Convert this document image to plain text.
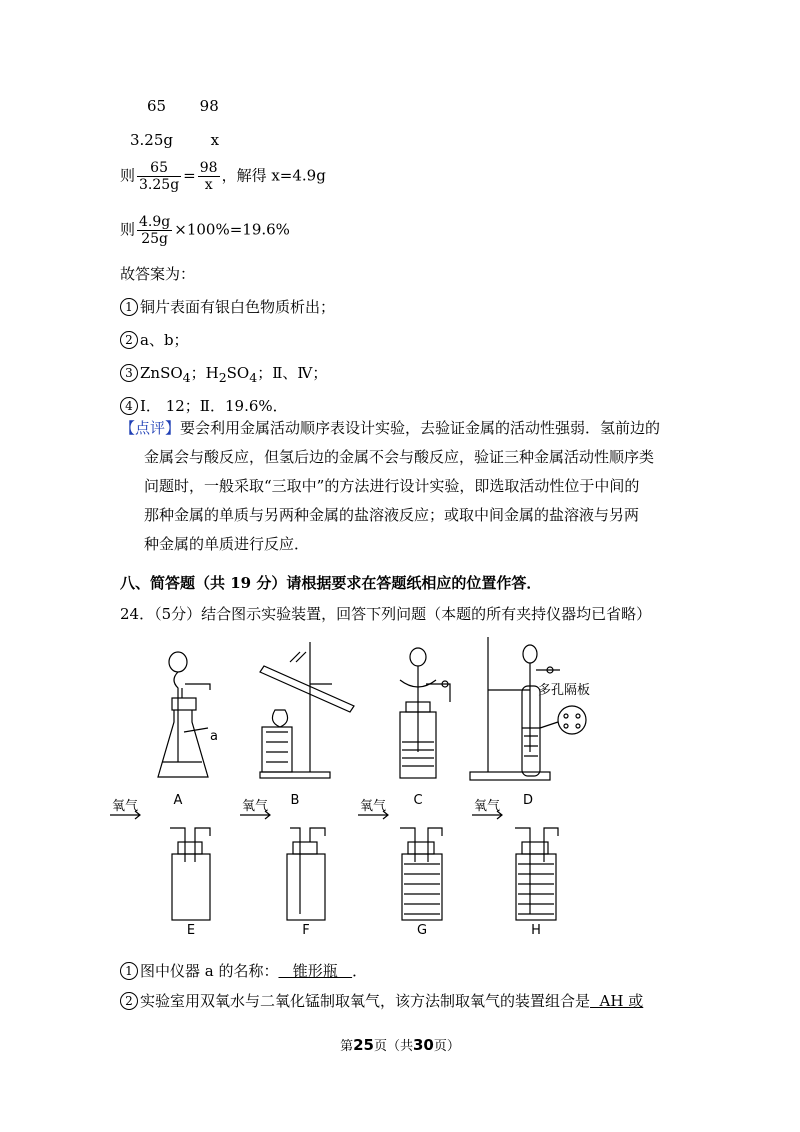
65 98
3.25g	x
则 $\frac{65}{3.25g} = \frac{98}{x}$ ，解得 x=4.9g
则 $\frac{4.9g}{25g} \times 100\%=19.6\%$
故答案为：
1 铜片表面有银白色物质析出；
2 a、b；
3 ZnSO$_4$；$H_2SO_4$；Ⅱ、Ⅳ；
4 Ⅰ． 12；Ⅱ．19.6%．
【点评】要会利用金属活动顺序表设计实验，去验证金属的活动性强弱．氢前边的
金属会与酸反应，但氢后边的金属不会与酸反应，验证三种金属活动性顺序类
问题时，一般采取“三取中”的方法进行设计实验，即选取活动性位于中间的
那种金属的单质与另两种金属的盐溶液反应；或取中间金属的盐溶液与另两
种金属的单质进行反应．
八、简答题（共 19 分）请根据要求在答题纸相应的位置作答．
24．（5分）结合图示实验装置，回答下列问题（本题的所有夹持仪器均已省略）
a
A	B	C	D
多孔隔板
氧气	氧气	氧气	氧气
E	F	G	H
1 图中仪器 a 的名称：   锥形瓶   ．
2 实验室用双氧水与二氧化锰制取氧气，该方法制取氧气的装置组合是  AH 或
第25页（共30页）
